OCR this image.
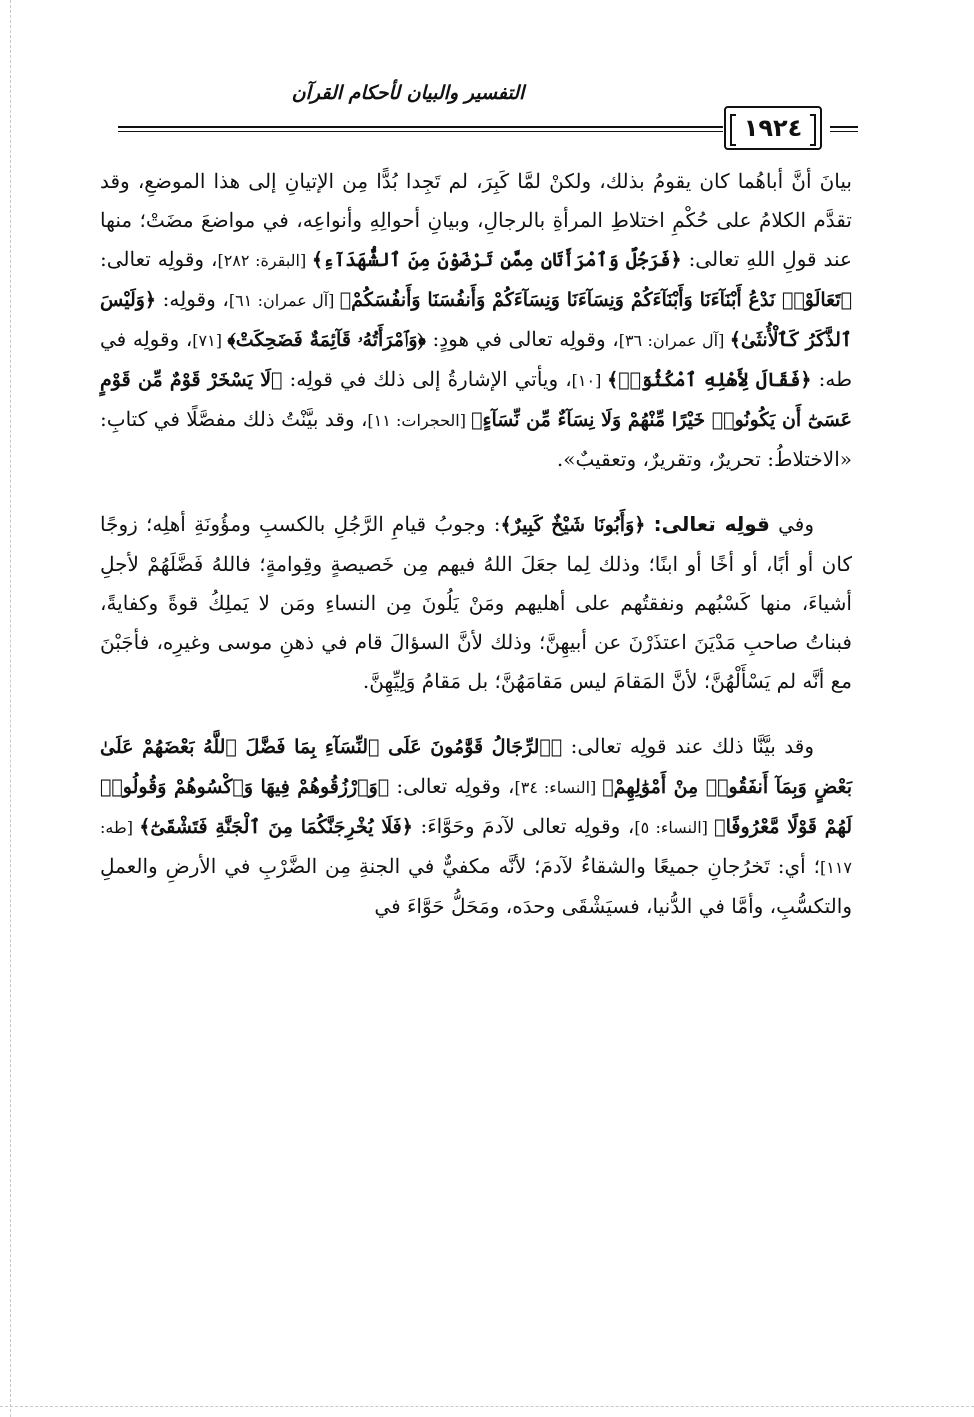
التفسير والبيان لأحكام القرآن
١٩٢٤

بيانَ أنَّ أباهُما كان يقومُ بذلك، ولكنْ لمَّا كَبِرَ، لم تَجِدا بُدًّا مِن الإتيانِ إلى هذا الموضعِ، وقد تقدَّم الكلامُ على حُكْمِ اختلاطِ المرأةِ بالرجالِ، وبيانِ أحوالِهِ وأنواعِه، في مواضعَ مضَتْ؛ منها عند قولِ اللهِ تعالى: ﴿فَرَجُلٌ وَٱمْرَأَتَانِ مِمَّن تَرْضَوْنَ مِنَ ٱلشُّهَدَآءِ﴾ [البقرة: ٢٨٢]، وقولِه تعالى: ﴿تَعَالَوْا۟ نَدْعُ أَبْنَآءَنَا وَأَبْنَآءَكُمْ وَنِسَآءَنَا وَنِسَآءَكُمْ وَأَنفُسَنَا وَأَنفُسَكُمْ﴾ [آل عمران: ٦١]، وقولِه: ﴿وَلَيْسَ ٱلذَّكَرُ كَٱلْأُنثَىٰ﴾ [آل عمران: ٣٦]، وقولِه تعالى في هودٍ: ﴿وَٱمْرَأَتُهُۥ قَآئِمَةٌ فَضَحِكَتْ﴾ [٧١]، وقولِه في طه: ﴿فَقَالَ لِأَهْلِهِ ٱمْكُثُوٓا۟﴾ [١٠]، ويأتي الإشارةُ إلى ذلك في قولِه: ﴿لَا يَسْخَرْ قَوْمٌ مِّن قَوْمٍ عَسَىٰٓ أَن يَكُونُوا۟ خَيْرًا مِّنْهُمْ وَلَا نِسَآءٌ مِّن نِّسَآءٍ﴾ [الحجرات: ١١]، وقد بيَّنْتُ ذلك مفصَّلًا في كتابِ: «الاختلاطُ: تحريرٌ، وتقريرٌ، وتعقيبٌ».

وفي قولِه تعالى: ﴿وَأَبُونَا شَيْخٌ كَبِيرٌ﴾: وجوبُ قيامِ الرَّجُلِ بالكسبِ ومؤُونَةِ أهلِه؛ زوجًا كان أو أبًا، أو أخًا أو ابنًا؛ وذلك لِما جعَلَ اللهُ فيهم مِن خَصيصةٍ وقِوامةٍ؛ فاللهُ فَضَّلَهُمْ لأجلِ أشياءَ، منها كَسْبُهم ونفقتُهم على أهليهم ومَنْ يَلُونَ مِن النساءِ ومَن لا يَملِكُ قوةً وكفايةً، فبناتُ صاحبِ مَدْيَنَ اعتذَرْنَ عن أبيهِنَّ؛ وذلك لأنَّ السؤالَ قام في ذهنِ موسى وغيرِه، فأجَبْنَ مع أنَّه لم يَسْأَلْهُنَّ؛ لأنَّ المَقامَ ليس مَقامَهُنَّ؛ بل مَقامُ وَلِيِّهِنَّ.

وقد بيَّنَّا ذلك عند قولِه تعالى: ﴿ٱلرِّجَالُ قَوَّٰمُونَ عَلَى ٱلنِّسَآءِ بِمَا فَضَّلَ ٱللَّهُ بَعْضَهُمْ عَلَىٰ بَعْضٍ وَبِمَآ أَنفَقُوا۟ مِنْ أَمْوَٰلِهِمْ﴾ [النساء: ٣٤]، وقولِه تعالى: ﴿وَٱرْزُقُوهُمْ فِيهَا وَٱكْسُوهُمْ وَقُولُوا۟ لَهُمْ قَوْلًا مَّعْرُوفًا﴾ [النساء: ٥]، وقولِه تعالى لآدمَ وحَوَّاءَ: ﴿فَلَا يُخْرِجَنَّكُمَا مِنَ ٱلْجَنَّةِ فَتَشْقَىٰٓ﴾ [طه: ١١٧]؛ أي: تَخرُجانِ جميعًا والشقاءُ لآدمَ؛ لأنَّه مكفيٌّ في الجنةِ مِن الضَّرْبِ في الأرضِ والعملِ والتكسُّبِ، وأمَّا في الدُّنيا، فسيَشْقَى وحدَه، ومَحَلُّ حَوَّاءَ في
